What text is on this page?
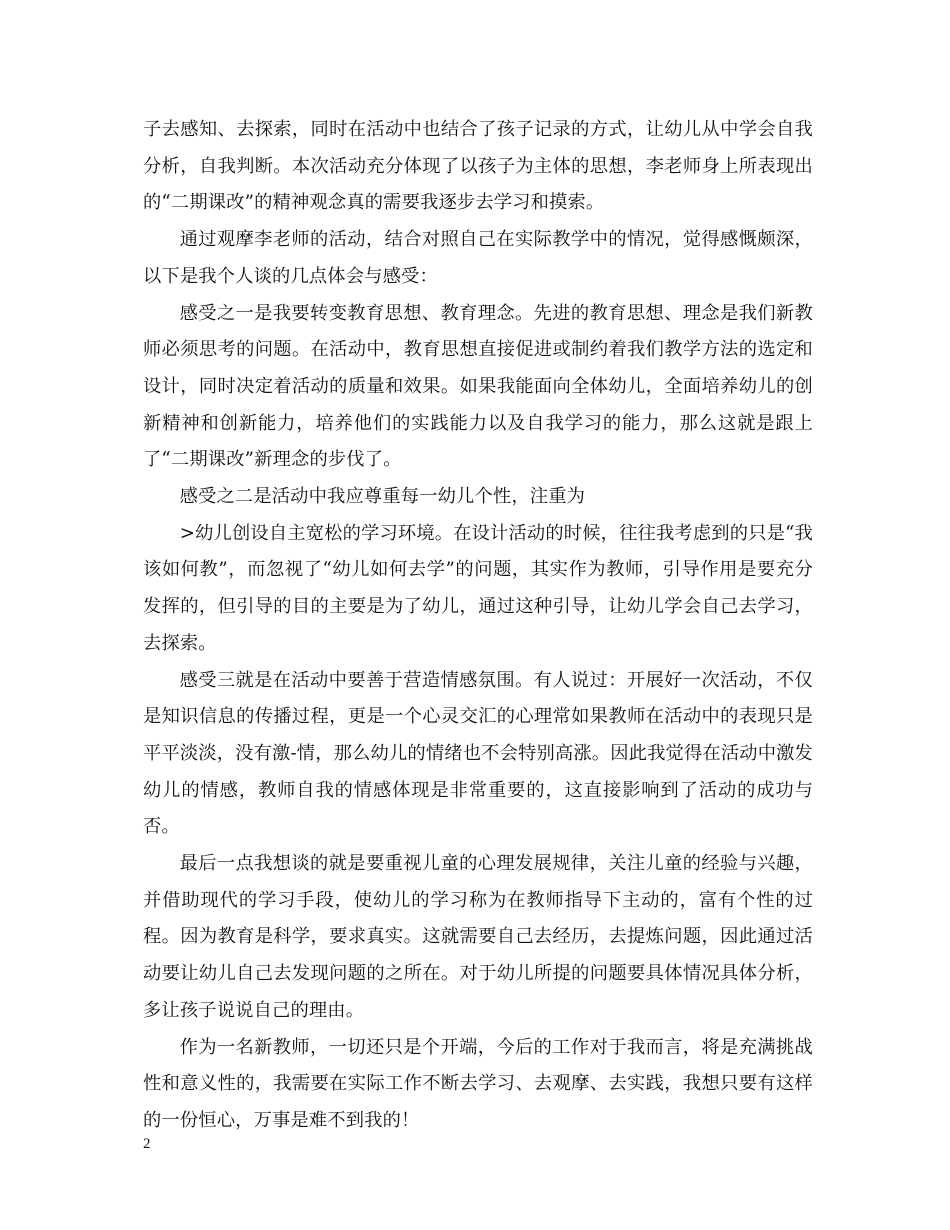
子去感知、去探索，同时在活动中也结合了孩子记录的方式，让幼儿从中学会自我分析，自我判断。本次活动充分体现了以孩子为主体的思想，李老师身上所表现出的“二期课改”的精神观念真的需要我逐步去学习和摸索。

通过观摩李老师的活动，结合对照自己在实际教学中的情况，觉得感慨颇深，以下是我个人谈的几点体会与感受：

感受之一是我要转变教育思想、教育理念。先进的教育思想、理念是我们新教师必须思考的问题。在活动中，教育思想直接促进或制约着我们教学方法的选定和设计，同时决定着活动的质量和效果。如果我能面向全体幼儿，全面培养幼儿的创新精神和创新能力，培养他们的实践能力以及自我学习的能力，那么这就是跟上了“二期课改”新理念的步伐了。

感受之二是活动中我应尊重每一幼儿个性，注重为

>幼儿创设自主宽松的学习环境。在设计活动的时候，往往我考虑到的只是“我该如何教”，而忽视了“幼儿如何去学”的问题，其实作为教师，引导作用是要充分发挥的，但引导的目的主要是为了幼儿，通过这种引导，让幼儿学会自己去学习，去探索。

感受三就是在活动中要善于营造情感氛围。有人说过：开展好一次活动，不仅是知识信息的传播过程，更是一个心灵交汇的心理常如果教师在活动中的表现只是平平淡淡，没有激-情，那么幼儿的情绪也不会特别高涨。因此我觉得在活动中激发幼儿的情感，教师自我的情感体现是非常重要的，这直接影响到了活动的成功与否。

最后一点我想谈的就是要重视儿童的心理发展规律，关注儿童的经验与兴趣，并借助现代的学习手段，使幼儿的学习称为在教师指导下主动的，富有个性的过程。因为教育是科学，要求真实。这就需要自己去经历，去提炼问题，因此通过活动要让幼儿自己去发现问题的之所在。对于幼儿所提的问题要具体情况具体分析，多让孩子说说自己的理由。

作为一名新教师，一切还只是个开端，今后的工作对于我而言，将是充满挑战性和意义性的，我需要在实际工作不断去学习、去观摩、去实践，我想只要有这样的一份恒心，万事是难不到我的！

2
